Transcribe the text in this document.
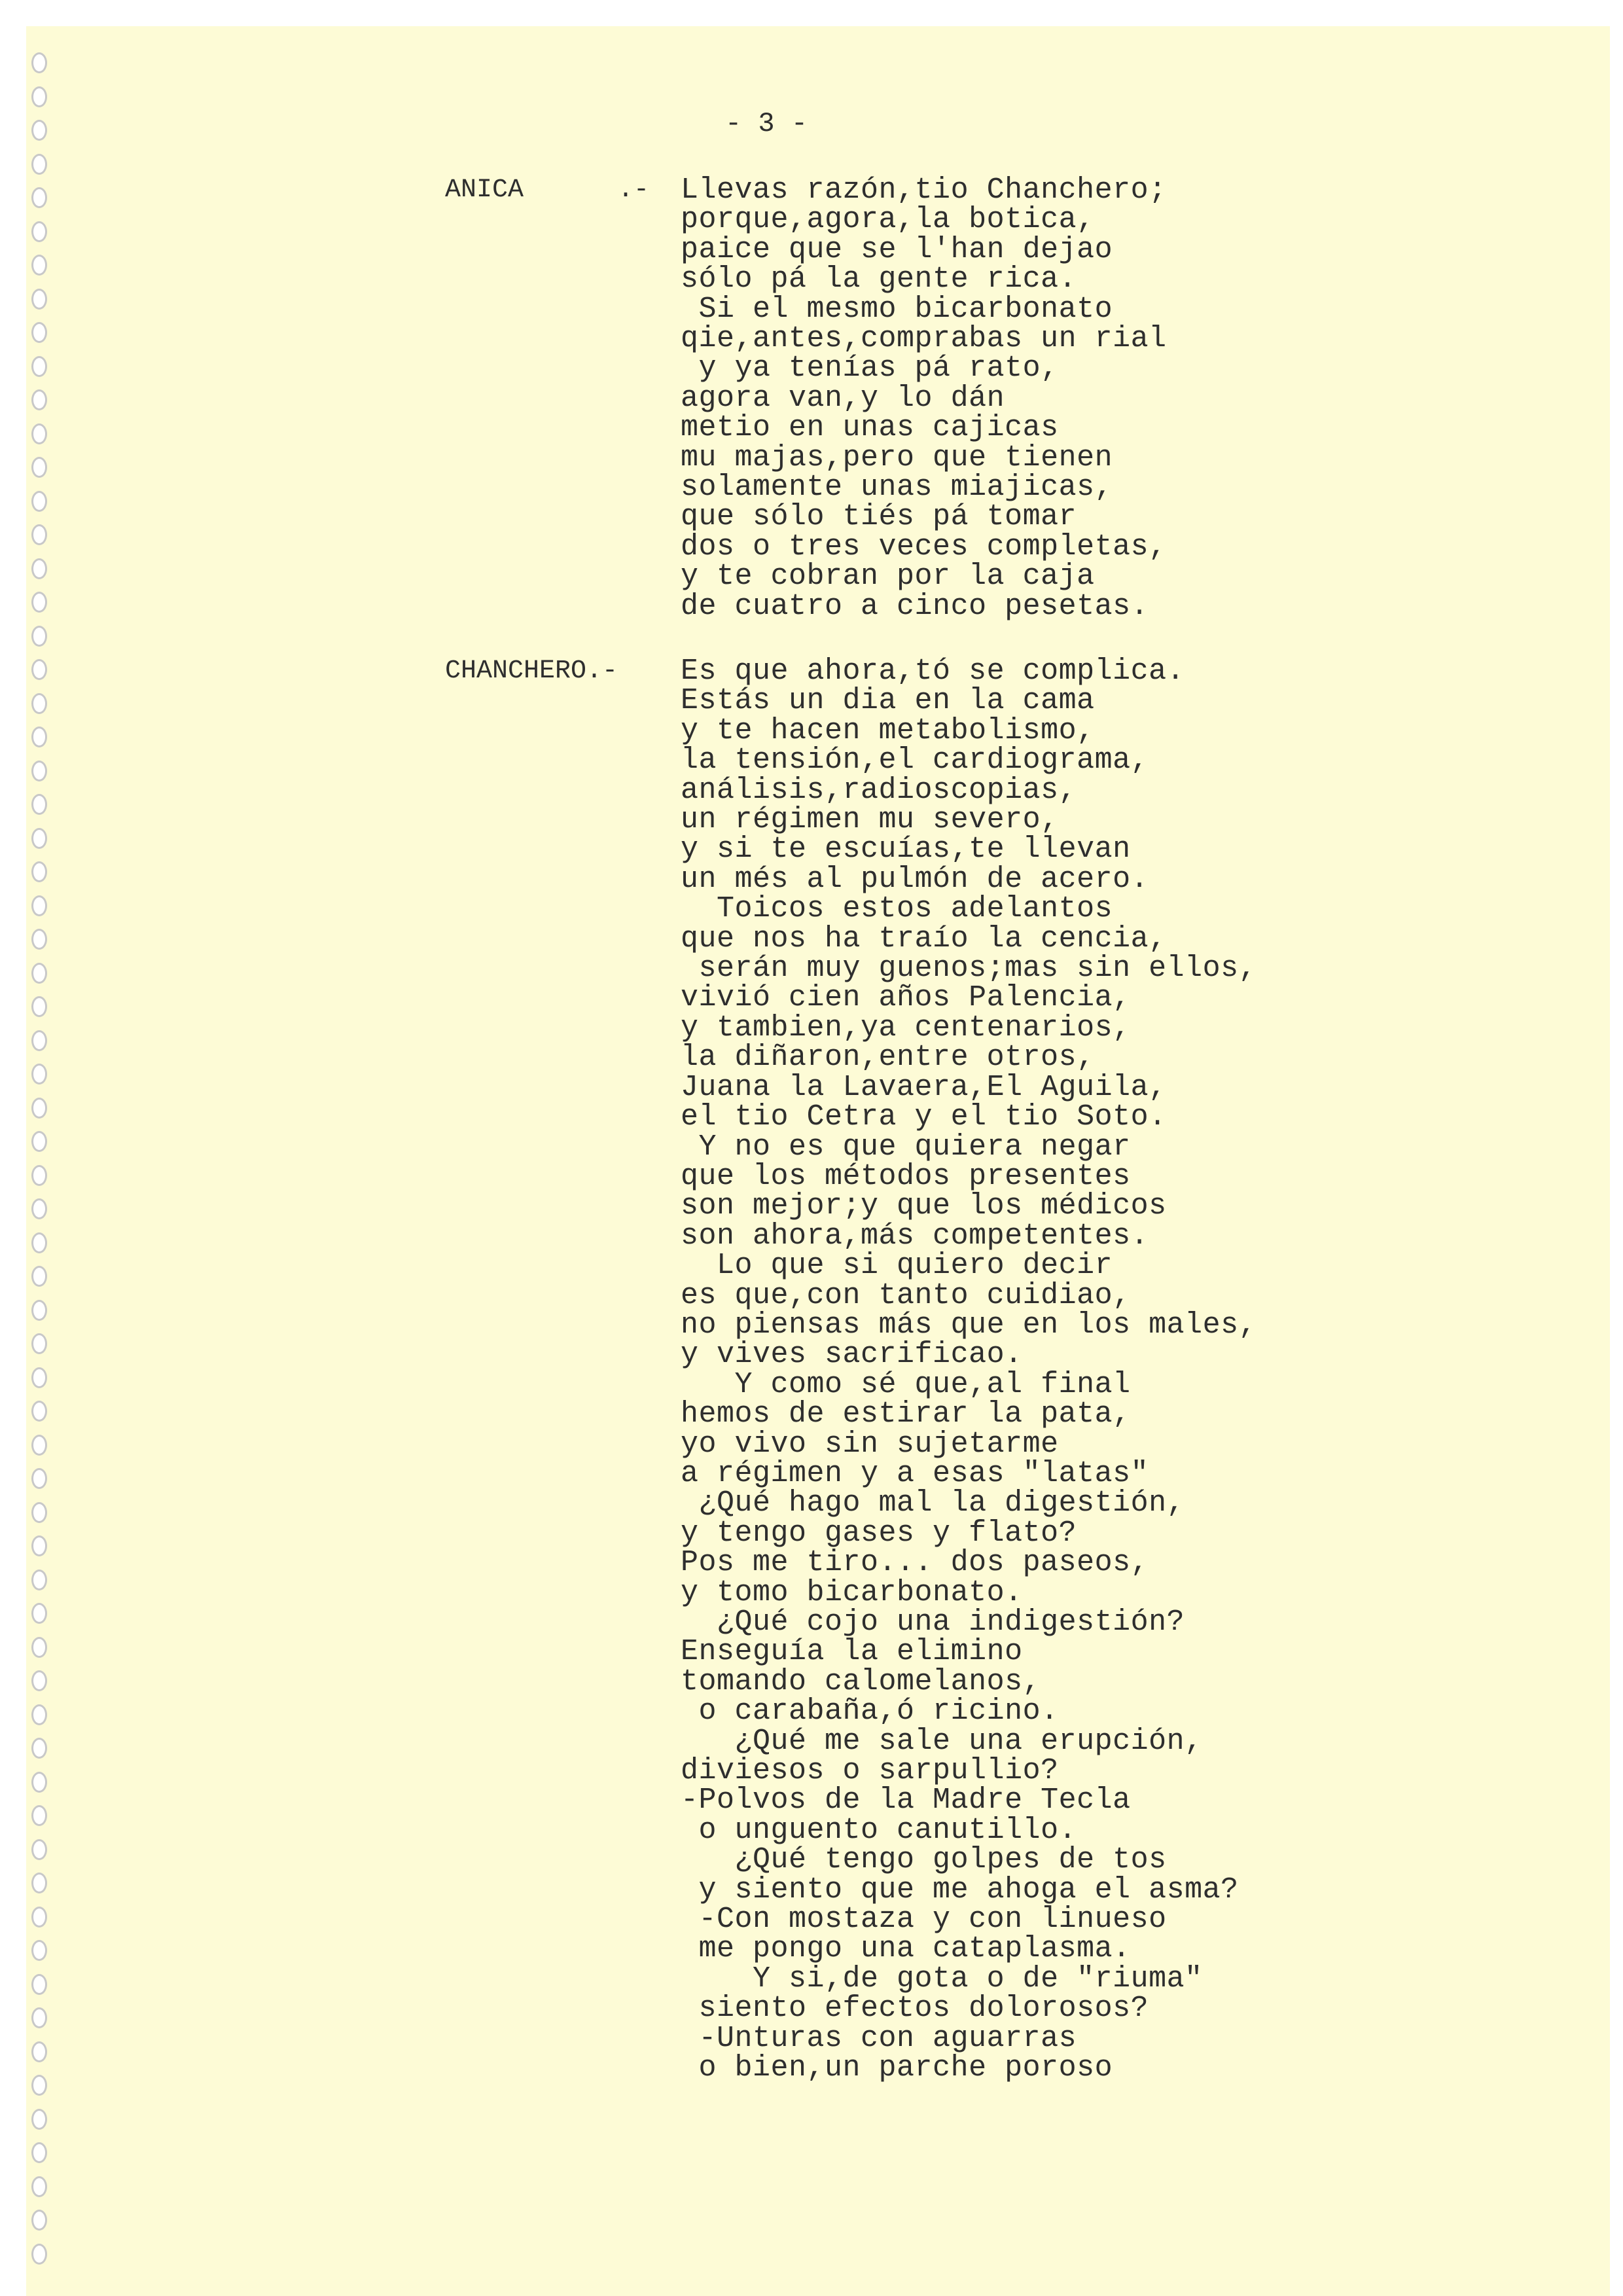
- 3 -
ANICA      .- Llevas razón,tio Chanchero;
porque,agora,la botica,
paice que se l'han dejao
sólo pá la gente rica.
Si el mesmo bicarbonato
qie,antes,comprabas un rial
y ya tenías pá rato,
agora van,y lo dán
metio en unas cajicas
mu majas,pero que tienen
solamente unas miajicas,
que sólo tiés pá tomar
dos o tres veces completas,
y te cobran por la caja
de cuatro a cinco pesetas.
CHANCHERO.- Es que ahora,tó se complica.
Estás un dia en la cama
y te hacen metabolismo,
la tensión,el cardiograma,
análisis,radioscopias,
un régimen mu severo,
y si te escuías,te llevan
un més al pulmón de acero.
Toicos estos adelantos
que nos ha traío la cencia,
serán muy guenos;mas sin ellos,
vivió cien años Palencia,
y tambien,ya centenarios,
la diñaron,entre otros,
Juana la Lavaera,El Aguila,
el tio Cetra y el tio Soto.
Y no es que quiera negar
que los métodos presentes
son mejor;y que los médicos
son ahora,más competentes.
Lo que si quiero decir
es que,con tanto cuidiao,
no piensas más que en los males,
y vives sacrificao.
Y como sé que,al final
hemos de estirar la pata,
yo vivo sin sujetarme
a régimen y a esas "latas"
¿Qué hago mal la digestión,
y tengo gases y flato?
Pos me tiro... dos paseos,
y tomo bicarbonato.
¿Qué cojo una indigestión?
Enseguía la elimino
tomando calomelanos,
o carabaña,ó ricino.
¿Qué me sale una erupción,
diviesos o sarpullio?
-Polvos de la Madre Tecla
o unguento canutillo.
¿Qué tengo golpes de tos
y siento que me ahoga el asma?
-Con mostaza y con linueso
me pongo una cataplasma.
Y si,de gota o de "riuma"
siento efectos dolorosos?
-Unturas con aguarras
o bien,un parche poroso
